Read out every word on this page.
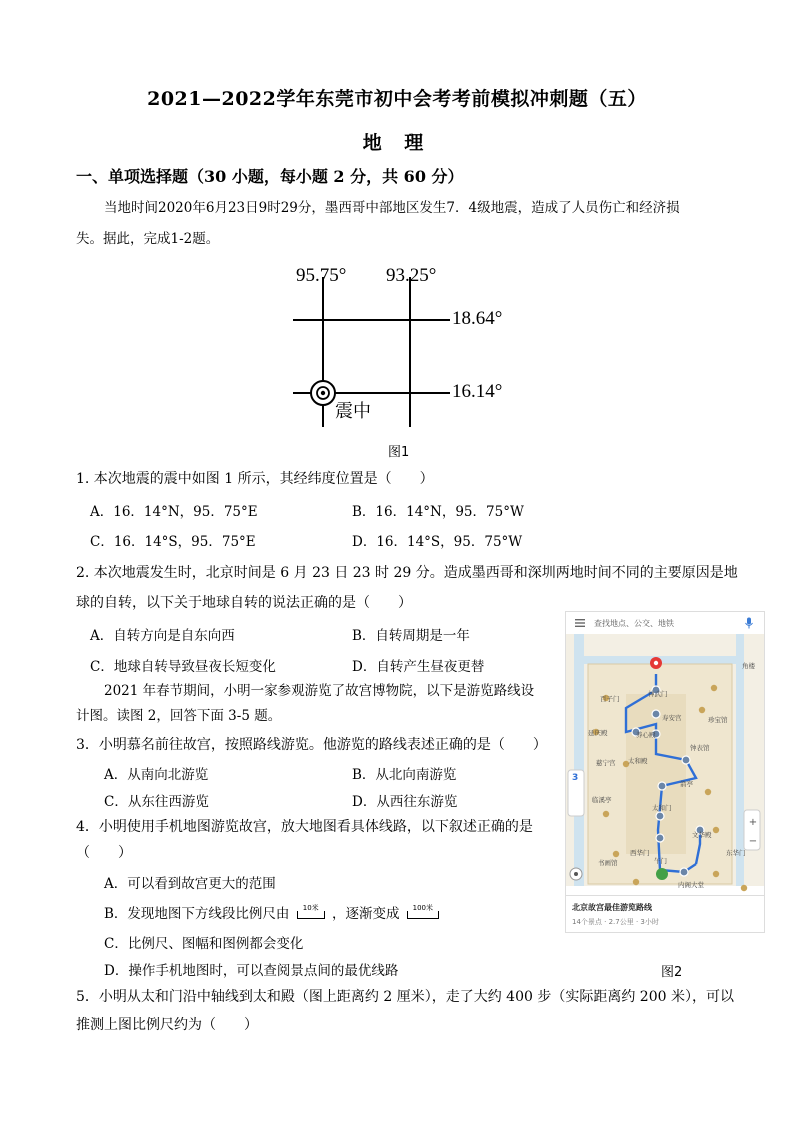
2021—2022学年东莞市初中会考考前模拟冲刺题（五）
地 理
一、单项选择题（30 小题，每小题 2 分，共 60 分）
当地时间2020年6月23日9时29分，墨西哥中部地区发生7．4级地震，造成了人员伤亡和经济损
失。据此，完成1-2题。
95.75° 93.25°
18.64°
16.14°
震中
图1
1. 本次地震的震中如图 1 所示，其经纬度位置是（　　）
A．16．14°N，95．75°E	B．16．14°N，95．75°W
C．16．14°S，95．75°E	D．16．14°S，95．75°W
2. 本次地震发生时，北京时间是 6 月 23 日 23 时 29 分。造成墨西哥和深圳两地时间不同的主要原因是地
球的自转，以下关于地球自转的说法正确的是（　　）
A．自转方向是自东向西	B．自转周期是一年
C．地球自转导致昼夜长短变化	D．自转产生昼夜更替
2021 年春节期间，小明一家参观游览了故宫博物院，以下是游览路线设
计图。读图 2，回答下面 3-5 题。
3．小明慕名前往故宫，按照路线游览。他游览的路线表述正确的是（　　）
A．从南向北游览	B．从北向南游览
C．从东往西游览	D．从西往东游览
4．小明使用手机地图游览故宫，放大地图看具体线路，以下叙述正确的是
（　　）
A．可以看到故宫更大的范围
B．发现地图下方线段比例尺由	10米 ，逐渐变成	100米
C．比例尺、图幅和图例都会变化
D．操作手机地图时，可以查阅景点间的最优线路
5．小明从太和门沿中轴线到太和殿（图上距离约 2 厘米），走了大约 400 步（实际距离约 200 米），可以
推测上图比例尺约为（　　）
查找地点、公交、地铁
+
−
3
神武门
寿安宫	珍宝馆
百子门
养心殿
延庆殿
钟表馆
慈宁宫 太和殿
箭亭
临溪亭
太和门
文华殿
东华门
西华门
书画馆	午门
角楼
内阁大堂
北京故宫最佳游览路线
14个景点 · 2.7公里 · 3小时
图2
